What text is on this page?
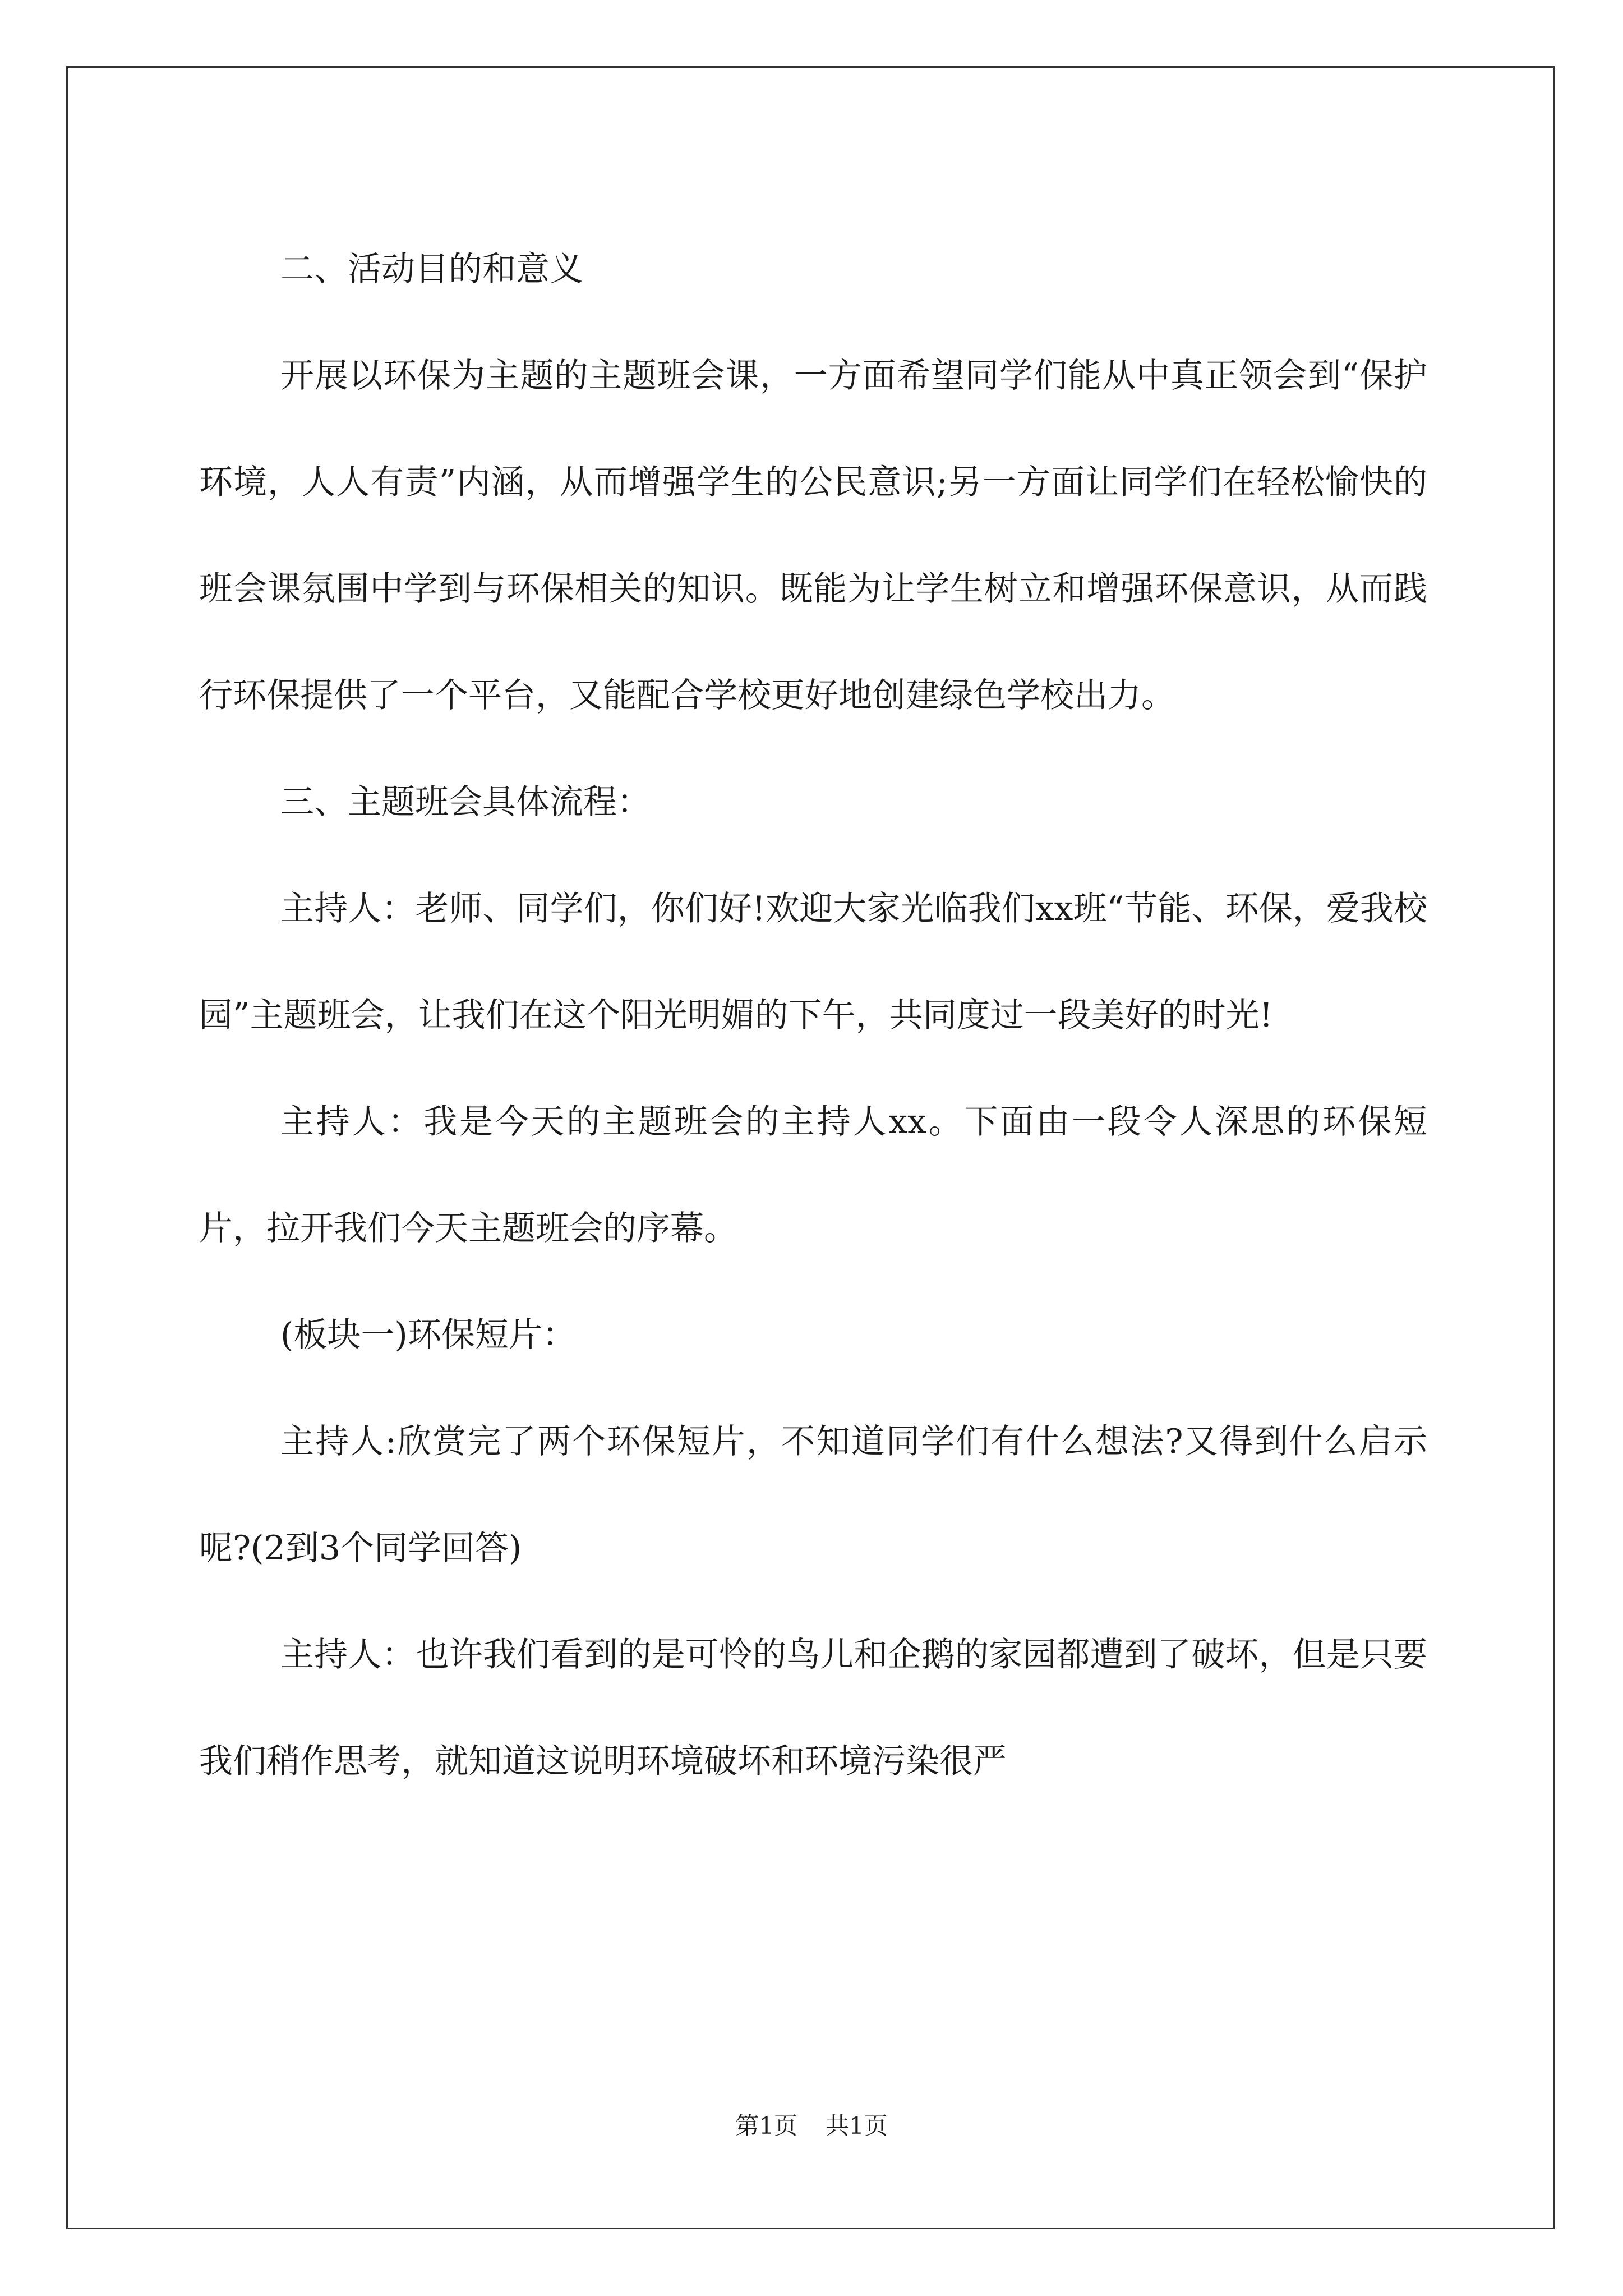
二、活动目的和意义

开展以环保为主题的主题班会课，一方面希望同学们能从中真正领会到“保护环境，人人有责”内涵，从而增强学生的公民意识;另一方面让同学们在轻松愉快的班会课氛围中学到与环保相关的知识。既能为让学生树立和增强环保意识，从而践行环保提供了一个平台，又能配合学校更好地创建绿色学校出力。

三、主题班会具体流程：

主持人：老师、同学们，你们好!欢迎大家光临我们xx班“节能、环保，爱我校园”主题班会，让我们在这个阳光明媚的下午，共同度过一段美好的时光!

主持人：我是今天的主题班会的主持人xx。下面由一段令人深思的环保短片，拉开我们今天主题班会的序幕。

(板块一)环保短片：

主持人:欣赏完了两个环保短片，不知道同学们有什么想法?又得到什么启示呢?(2到3个同学回答)

主持人：也许我们看到的是可怜的鸟儿和企鹅的家园都遭到了破坏，但是只要我们稍作思考，就知道这说明环境破坏和环境污染很严

第1页 共1页
